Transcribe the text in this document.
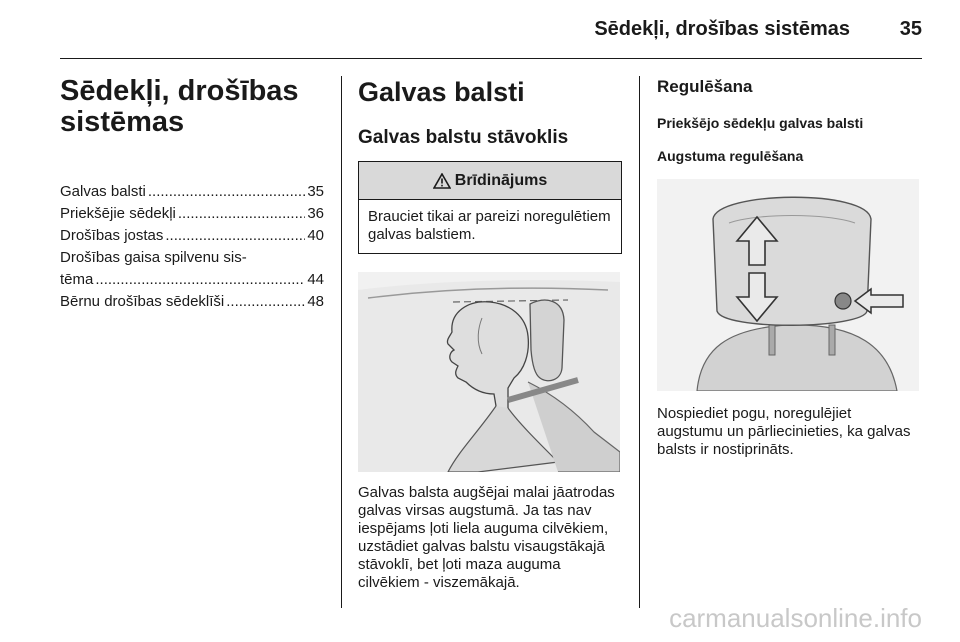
Sēdekļi, drošības sistēmas 35
Sēdekļi, drošības sistēmas
Galvas balsti .....	35
Priekšējie sēdekļi .....	36
Drošības jostas .....	40
Drošības gaisa spilvenu sis-
tēma .....	44
Bērnu drošības sēdeklīši .....	48
Galvas balsti
Galvas balstu stāvoklis
Brīdinājums
Brauciet tikai ar pareizi noregulētiem galvas balstiem.
Galvas balsta augšējai malai jāatrodas galvas virsas augstumā. Ja tas nav iespējams ļoti liela auguma cilvēkiem, uzstādiet galvas balstu visaugstākajā stāvoklī, bet ļoti maza auguma cilvēkiem - viszemākajā.
Regulēšana
Priekšējo sēdekļu galvas balsti
Augstuma regulēšana
Nospiediet pogu, noregulējiet augstumu un pārliecinieties, ka galvas balsts ir nostiprināts.
carmanualsonline.info
